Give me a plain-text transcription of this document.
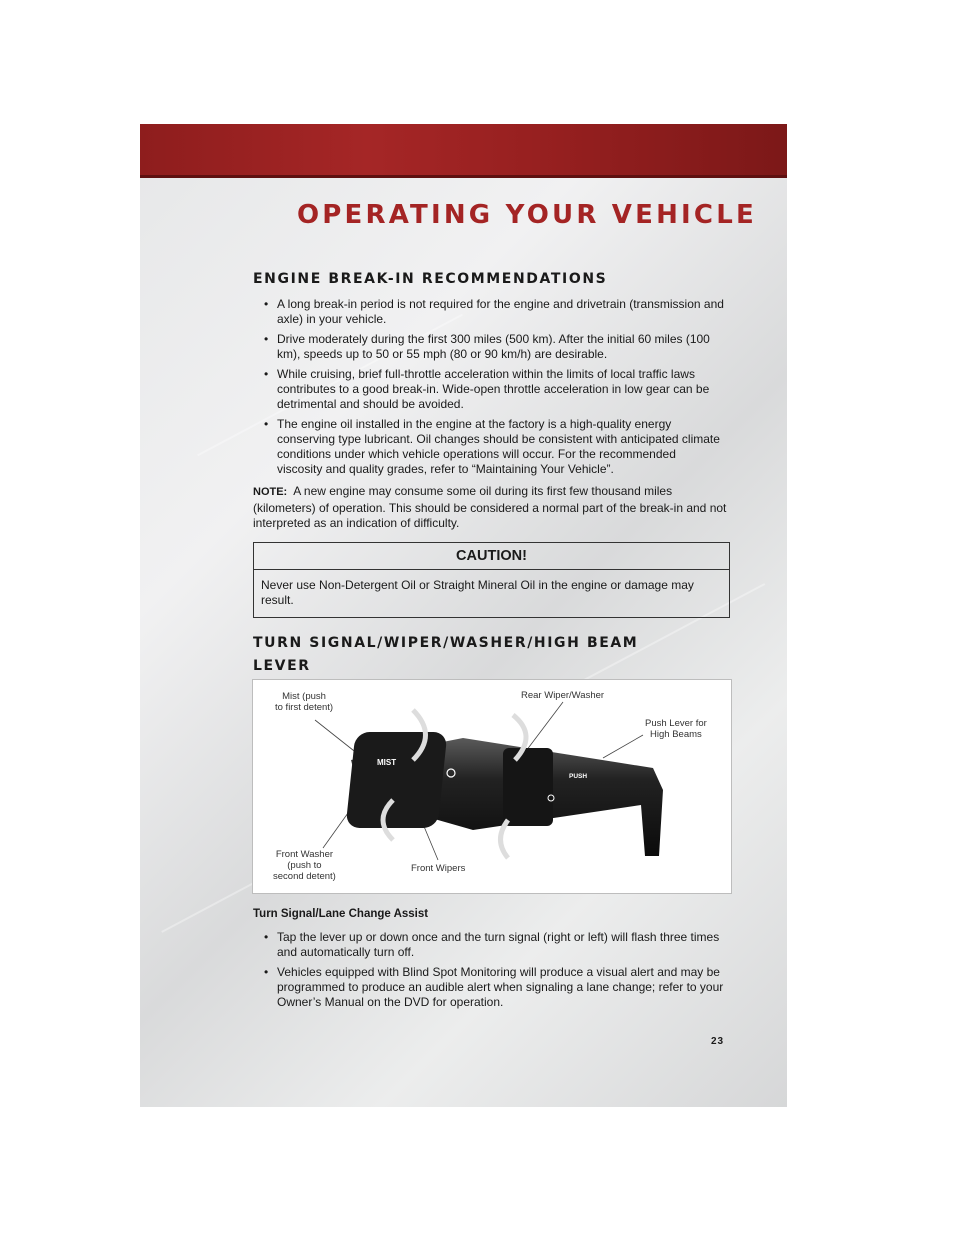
OPERATING YOUR VEHICLE
ENGINE BREAK-IN RECOMMENDATIONS
• A long break-in period is not required for the engine and drivetrain (transmission and axle) in your vehicle.
• Drive moderately during the first 300 miles (500 km). After the initial 60 miles (100 km), speeds up to 50 or 55 mph (80 or 90 km/h) are desirable.
• While cruising, brief full-throttle acceleration within the limits of local traffic laws contributes to a good break-in. Wide-open throttle acceleration in low gear can be detrimental and should be avoided.
• The engine oil installed in the engine at the factory is a high-quality energy conserving type lubricant. Oil changes should be consistent with anticipated climate conditions under which vehicle operations will occur. For the recommended viscosity and quality grades, refer to “Maintaining Your Vehicle”.

NOTE: A new engine may consume some oil during its first few thousand miles (kilometers) of operation. This should be considered a normal part of the break-in and not interpreted as an indication of difficulty.

CAUTION!
Never use Non-Detergent Oil or Straight Mineral Oil in the engine or damage may result.
TURN SIGNAL/WIPER/WASHER/HIGH BEAM
LEVER
MIST
PUSH
Mist (push
to first detent)
Rear Wiper/Washer
Push Lever for
High Beams
Front Washer
(push to
second detent)
Front Wipers
Turn Signal/Lane Change Assist
• Tap the lever up or down once and the turn signal (right or left) will flash three times and automatically turn off.
• Vehicles equipped with Blind Spot Monitoring will produce a visual alert and may be programmed to produce an audible alert when signaling a lane change; refer to your Owner’s Manual on the DVD for operation.
23
